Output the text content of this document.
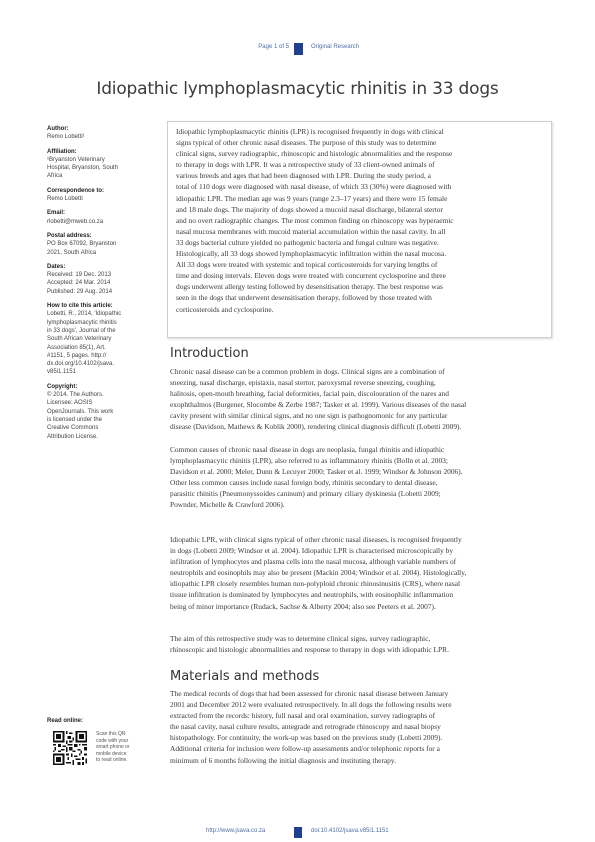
Page 1 of 5	Original Research
Idiopathic lymphoplasmacytic rhinitis in 33 dogs
Author:
Remo Lobetti¹
Affiliation:
¹Bryanston Veterinary
Hospital, Bryanston, South
Africa
Correspondence to:
Remo Lobetti
Email:
rlobetti@mweb.co.za
Postal address:
PO Box 67092, Bryanston
2021, South Africa
Dates:
Received: 19 Dec. 2013
Accepted: 24 Mar. 2014
Published: 29 Aug. 2014
How to cite this article:
Lobetti, R., 2014, 'Idiopathic
lymphoplasmacytic rhinitis
in 33 dogs', Journal of the
South African Veterinary
Association 85(1), Art.
#1151, 5 pages. http://
dx.doi.org/10.4102/jsava.
v85i1.1151
Copyright:
© 2014. The Authors.
Licensee: AOSIS
OpenJournals. This work
is licensed under the
Creative Commons
Attribution License.
Idiopathic lymphoplasmacytic rhinitis (LPR) is recognised frequently in dogs with clinical
signs typical of other chronic nasal diseases. The purpose of this study was to determine
clinical signs, survey radiographic, rhinoscopic and histologic abnormalities and the response
to therapy in dogs with LPR. It was a retrospective study of 33 client-owned animals of
various breeds and ages that had been diagnosed with LPR. During the study period, a
total of 110 dogs were diagnosed with nasal disease, of which 33 (30%) were diagnosed with
idiopathic LPR. The median age was 9 years (range 2.3–17 years) and there were 15 female
and 18 male dogs. The majority of dogs showed a mucoid nasal discharge, bilateral stertor
and no overt radiographic changes. The most common finding on rhinoscopy was hyperaemic
nasal mucosa membranes with mucoid material accumulation within the nasal cavity. In all
33 dogs bacterial culture yielded no pathogenic bacteria and fungal culture was negative.
Histologically, all 33 dogs showed lymphoplasmacytic infiltration within the nasal mucosa.
All 33 dogs were treated with systemic and topical corticosteroids for varying lengths of
time and dosing intervals. Eleven dogs were treated with concurrent cyclosporine and three
dogs underwent allergy testing followed by desensitisation therapy. The best response was
seen in the dogs that underwent desensitisation therapy, followed by those treated with
corticosteroids and cyclosporine.
Introduction
Chronic nasal disease can be a common problem in dogs. Clinical signs are a combination of
sneezing, nasal discharge, epistaxis, nasal stertor, paroxysmal reverse sneezing, coughing,
halitosis, open-mouth breathing, facial deformities, facial pain, discolouration of the nares and
exophthalmos (Burgener, Slocombe & Zerbe 1987; Tasker et al. 1999). Various diseases of the nasal
cavity present with similar clinical signs, and no one sign is pathognomonic for any particular
disease (Davidson, Mathews & Koblik 2000), rendering clinical diagnosis difficult (Lobetti 2009).
Common causes of chronic nasal disease in dogs are neoplasia, fungal rhinitis and idiopathic
lymphoplasmacytic rhinitis (LPR), also referred to as inflammatory rhinitis (Bolln et al. 2003;
Davidson et al. 2000; Meler, Dunn & Lecuyer 2000; Tasker et al. 1999; Windsor & Johnson 2006).
Other less common causes include nasal foreign body, rhinitis secondary to dental disease,
parasitic rhinitis (Pneumonyssoides caninum) and primary ciliary dyskinesia (Lobetti 2009;
Pownder, Michelle & Crawford 2006).
Idiopathic LPR, with clinical signs typical of other chronic nasal diseases, is recognised frequently
in dogs (Lobetti 2009; Windsor et al. 2004). Idiopathic LPR is characterised microscopically by
infiltration of lymphocytes and plasma cells into the nasal mucosa, although variable numbers of
neutrophils and eosinophils may also be present (Mackin 2004; Windsor et al. 2004). Histologically,
idiopathic LPR closely resembles human non-polyploid chronic rhinosinusitis (CRS), where nasal
tissue infiltration is dominated by lymphocytes and neutrophils, with eosinophilic inflammation
being of minor importance (Rudack, Sachse & Alberty 2004; also see Peeters et al. 2007).
The aim of this retrospective study was to determine clinical signs, survey radiographic,
rhinoscopic and histologic abnormalities and response to therapy in dogs with idiopathic LPR.
Materials and methods
The medical records of dogs that had been assessed for chronic nasal disease between January
2001 and December 2012 were evaluated retrospectively. In all dogs the following results were
extracted from the records: history, full nasal and oral examination, survey radiographs of
the nasal cavity, nasal culture results, antegrade and retrograde rhinoscopy and nasal biopsy
histopathology. For continuity, the work-up was based on the previous study (Lobetti 2009).
Additional criteria for inclusion were follow-up assessments and/or telephonic reports for a
minimum of 6 months following the initial diagnosis and instituting therapy.
Read online:
Scan this QR
code with your
smart phone or
mobile device
to read online.
http://www.jsava.co.za	doi:10.4102/jsava.v85i1.1151
